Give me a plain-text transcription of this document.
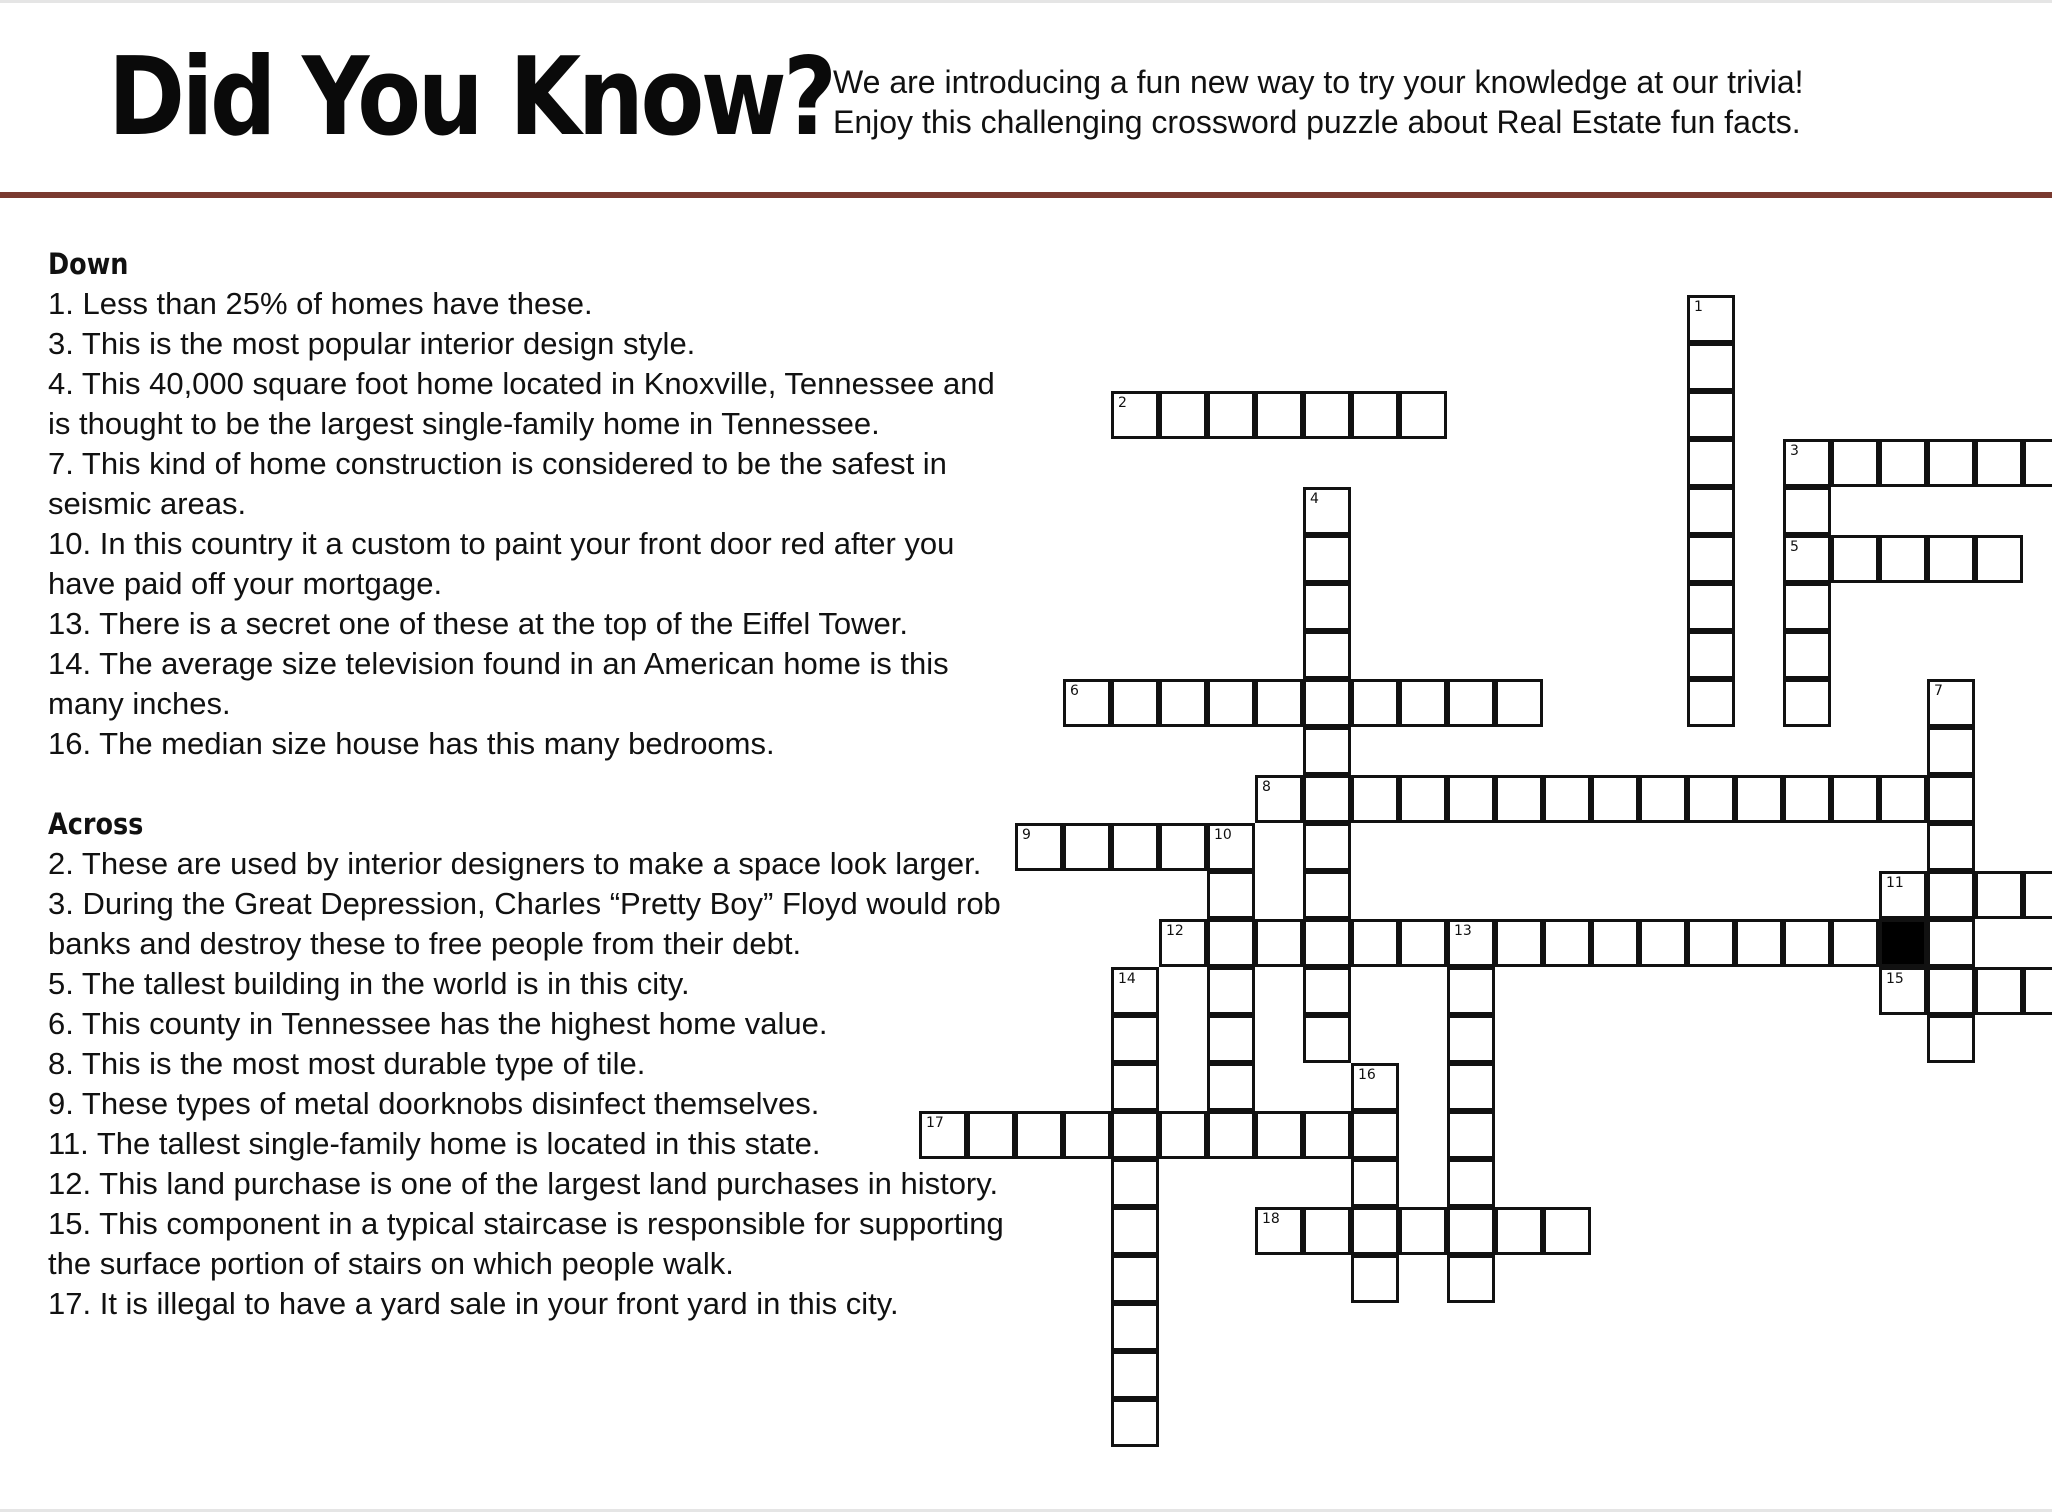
Did You Know? We are introducing a fun new way to try your knowledge at our trivia!
Enjoy this challenging crossword puzzle about Real Estate fun facts.
Down
1. Less than 25% of homes have these.
3. This is the most popular interior design style.
4. This 40,000 square foot home located in Knoxville, Tennessee and is thought to be the largest single-family home in Tennessee.
7. This kind of home construction is considered to be the safest in seismic areas.
10. In this country it a custom to paint your front door red after you have paid off your mortgage.
13. There is a secret one of these at the top of the Eiffel Tower.
14. The average size television found in an American home is this many inches.
16. The median size house has this many bedrooms.
Across
2. These are used by interior designers to make a space look larger.
3. During the Great Depression, Charles “Pretty Boy” Floyd would rob banks and destroy these to free people from their debt.
5. The tallest building in the world is in this city.
6. This county in Tennessee has the highest home value.
8. This is the most most durable type of tile.
9. These types of metal doorknobs disinfect themselves.
11. The tallest single-family home is located in this state.
12. This land purchase is one of the largest land purchases in history.
15. This component in a typical staircase is responsible for supporting the surface portion of stairs on which people walk.
17. It is illegal to have a yard sale in your front yard in this city.
2
3
5
6
8
9	10
11
12	13
15
17
18
1
4
7
14
16
